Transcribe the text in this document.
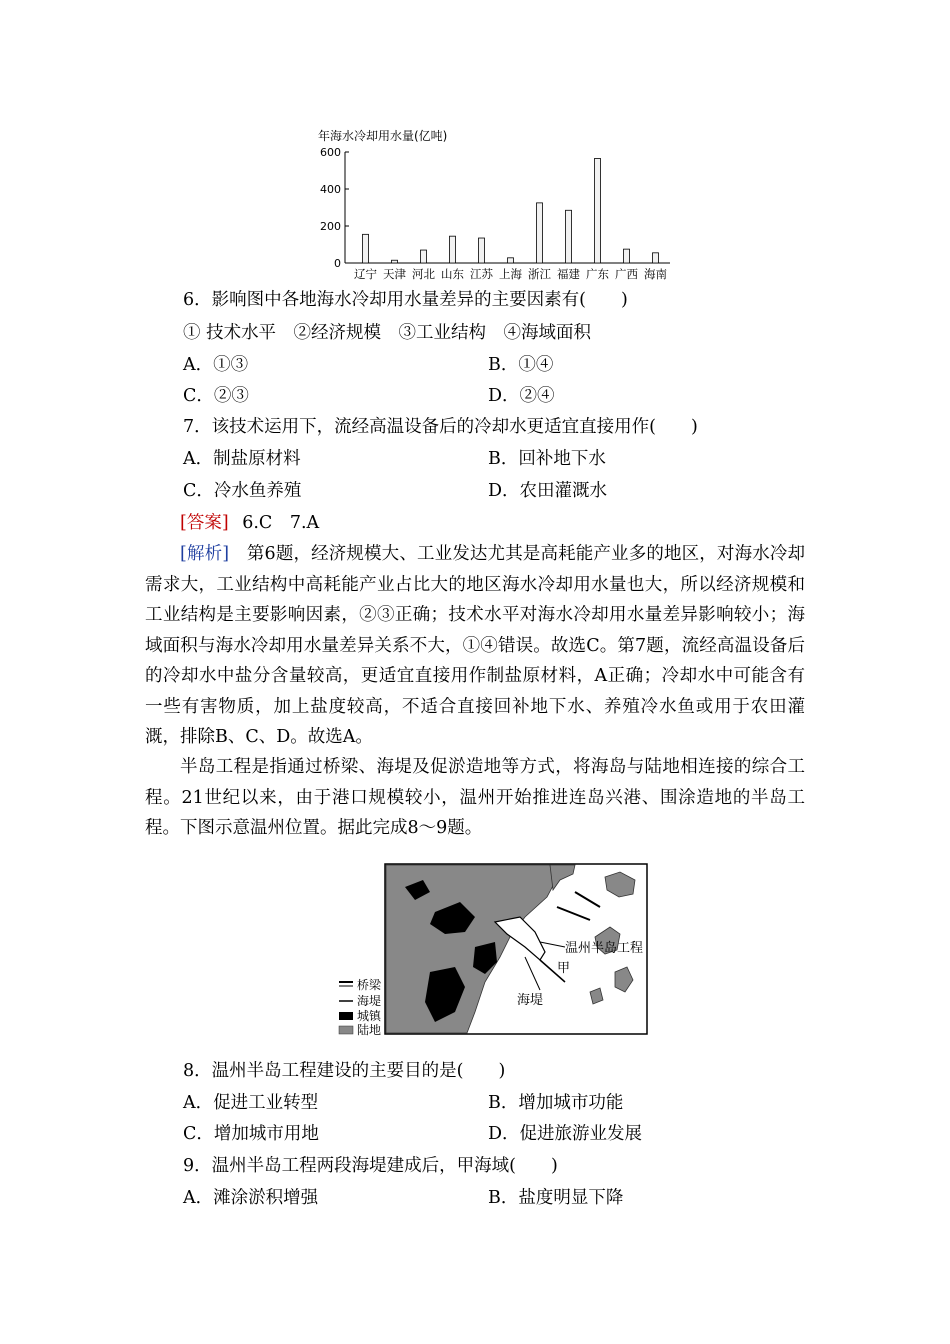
年海水冷却用水量(亿吨)
600
400
200
0
辽宁 天津 河北 山东 江苏 上海 浙江 福建 广东 广西 海南
6．影响图中各地海水冷却用水量差异的主要因素有(　　)
① 技术水平　②经济规模　③工业结构　④海域面积
A．①③	B．①④
C．②③	D．②④
7．该技术运用下，流经高温设备后的冷却水更适宜直接用作(　　)
A．制盐原材料	B．回补地下水
C．冷水鱼养殖	D．农田灌溉水
[答案] 6.C　7.A
[解析]　 第6题，经济规模大、工业发达尤其是高耗能产业多的地区，对海水冷却需求大，工业结构中高耗能产业占比大的地区海水冷却用水量也大，所以经济规模和工业结构是主要影响因素，②③正确；技术水平对海水冷却用水量差异影响较小；海域面积与海水冷却用水量差异关系不大，①④错误。故选C。第7题，流经高温设备后的冷却水中盐分含量较高，更适宜直接用作制盐原材料，A正确；冷却水中可能含有一些有害物质，加上盐度较高，不适合直接回补地下水、养殖冷水鱼或用于农田灌溉，排除B、C、D。故选A。
半岛工程是指通过桥梁、海堤及促淤造地等方式，将海岛与陆地相连接的综合工程。21世纪以来，由于港口规模较小，温州开始推进连岛兴港、围涂造地的半岛工程。下图示意温州位置。据此完成8～9题。
温州半岛工程
甲
海堤
桥梁
海堤
城镇
陆地
8．温州半岛工程建设的主要目的是(　　)
A．促进工业转型	B．增加城市功能
C．增加城市用地	D．促进旅游业发展
9．温州半岛工程两段海堤建成后，甲海域(　　)
A．滩涂淤积增强	B．盐度明显下降
